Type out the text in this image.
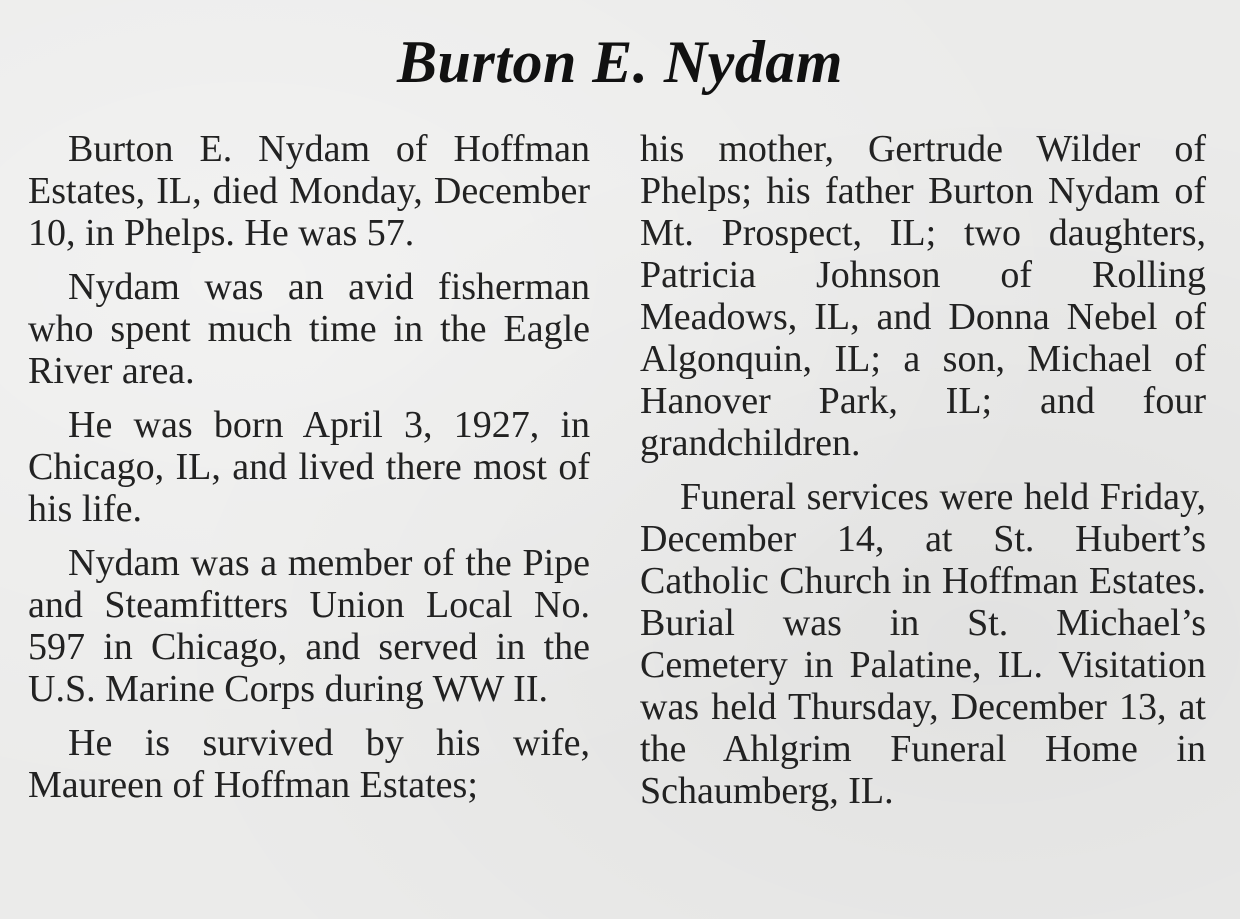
Burton E. Nydam

Burton E. Nydam of Hoffman Estates, IL, died Monday, December 10, in Phelps. He was 57.

Nydam was an avid fisherman who spent much time in the Eagle River area.

He was born April 3, 1927, in Chicago, IL, and lived there most of his life.

Nydam was a member of the Pipe and Steamfitters Union Local No. 597 in Chicago, and served in the U.S. Marine Corps during WW II.

He is survived by his wife, Maureen of Hoffman Estates;

his mother, Gertrude Wilder of Phelps; his father Burton Nydam of Mt. Prospect, IL; two daughters, Patricia Johnson of Rolling Meadows, IL, and Donna Nebel of Algonquin, IL; a son, Michael of Hanover Park, IL; and four grandchildren.

Funeral services were held Friday, December 14, at St. Hubert’s Catholic Church in Hoffman Estates. Burial was in St. Michael’s Cemetery in Palatine, IL. Visitation was held Thursday, December 13, at the Ahlgrim Funeral Home in Schaumberg, IL.
